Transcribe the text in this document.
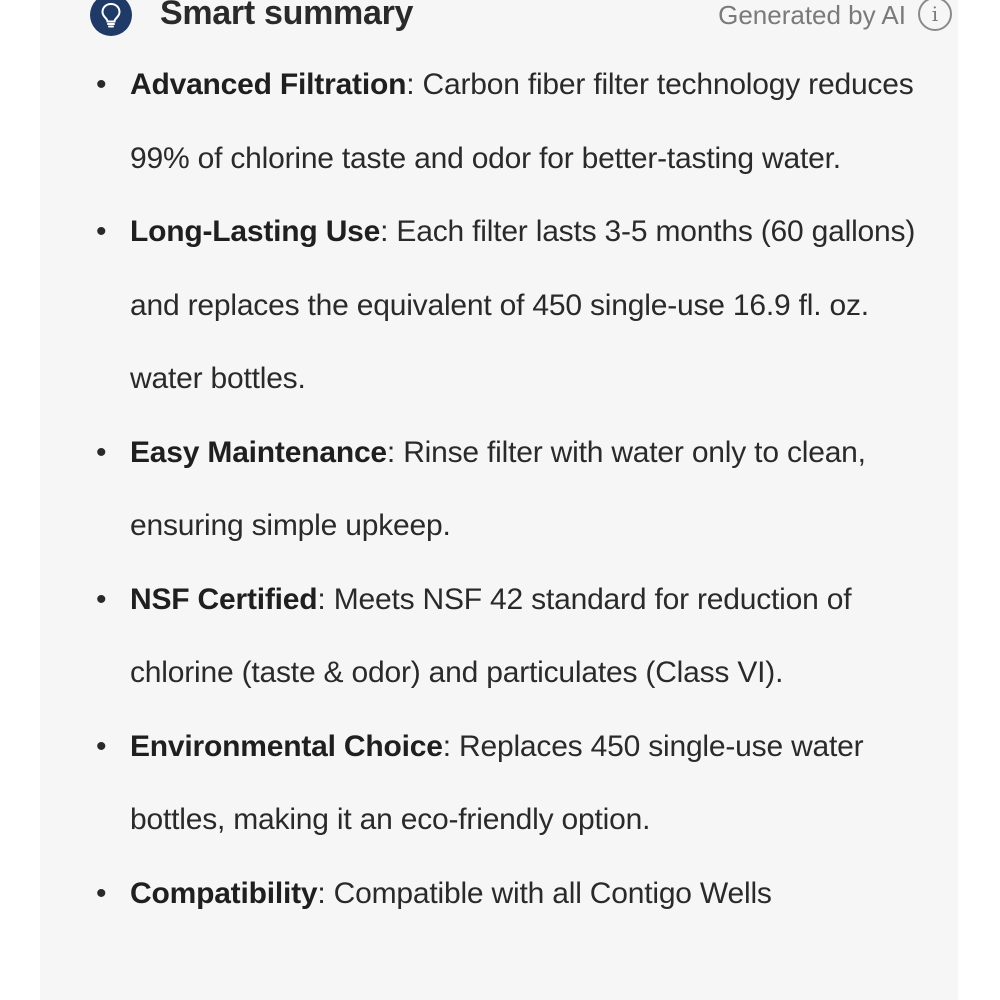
Smart summary	Generated by AI	i
• Advanced Filtration: Carbon fiber filter technology reduces 99% of chlorine taste and odor for better-tasting water.
• Long-Lasting Use: Each filter lasts 3-5 months (60 gallons) and replaces the equivalent of 450 single-use 16.9 fl. oz. water bottles.
• Easy Maintenance: Rinse filter with water only to clean, ensuring simple upkeep.
• NSF Certified: Meets NSF 42 standard for reduction of chlorine (taste & odor) and particulates (Class VI).
• Environmental Choice: Replaces 450 single-use water bottles, making it an eco-friendly option.
• Compatibility: Compatible with all Contigo Wells
